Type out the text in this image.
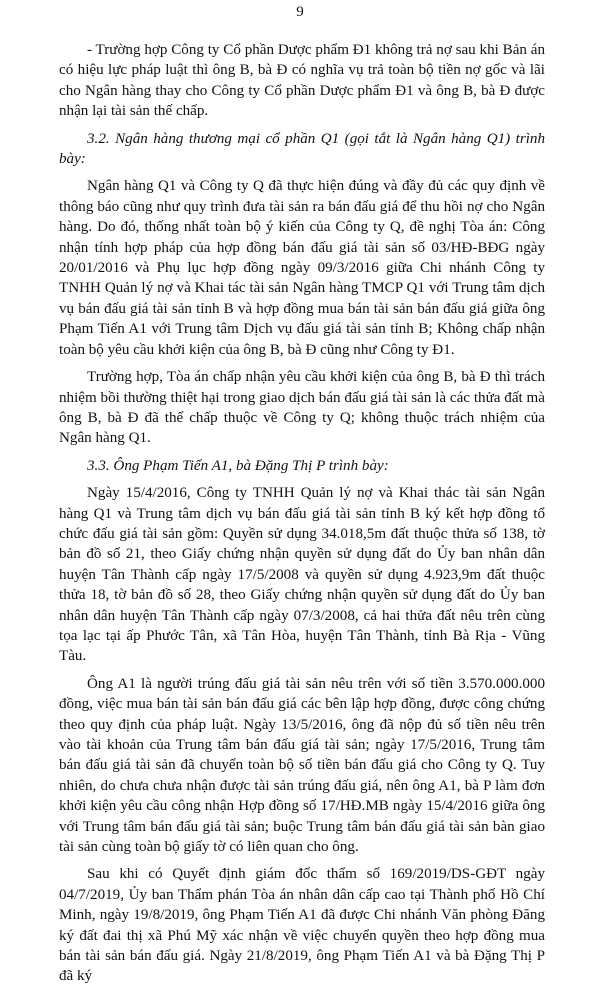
9

- Trường hợp Công ty Cổ phần Dược phẩm Đ1 không trả nợ sau khi Bản án có hiệu lực pháp luật thì ông B, bà Đ có nghĩa vụ trả toàn bộ tiền nợ gốc và lãi cho Ngân hàng thay cho Công ty Cổ phần Dược phẩm Đ1 và ông B, bà Đ được nhận lại tài sản thế chấp.

3.2. Ngân hàng thương mại cổ phần Q1 (gọi tắt là Ngân hàng Q1) trình bày:

Ngân hàng Q1 và Công ty Q đã thực hiện đúng và đầy đủ các quy định về thông báo cũng như quy trình đưa tài sản ra bán đấu giá để thu hồi nợ cho Ngân hàng. Do đó, thống nhất toàn bộ ý kiến của Công ty Q, đề nghị Tòa án: Công nhận tính hợp pháp của hợp đồng bán đấu giá tài sản số 03/HĐ-BĐG ngày 20/01/2016 và Phụ lục hợp đồng ngày 09/3/2016 giữa Chi nhánh Công ty TNHH Quản lý nợ và Khai tác tài sản Ngân hàng TMCP Q1 với Trung tâm dịch vụ bán đấu giá tài sản tỉnh B và hợp đồng mua bán tài sản bán đấu giá giữa ông Phạm Tiến A1 với Trung tâm Dịch vụ đấu giá tài sản tỉnh B; Không chấp nhận toàn bộ yêu cầu khởi kiện của ông B, bà Đ cũng như Công ty Đ1.

Trường hợp, Tòa án chấp nhận yêu cầu khởi kiện của ông B, bà Đ thì trách nhiệm bồi thường thiệt hại trong giao dịch bán đấu giá tài sản là các thửa đất mà ông B, bà Đ đã thế chấp thuộc về Công ty Q; không thuộc trách nhiệm của Ngân hàng Q1.

3.3. Ông Phạm Tiến A1, bà Đặng Thị P trình bày:

Ngày 15/4/2016, Công ty TNHH Quản lý nợ và Khai thác tài sản Ngân hàng Q1 và Trung tâm dịch vụ bán đấu giá tài sản tỉnh B ký kết hợp đồng tổ chức đấu giá tài sản gồm: Quyền sử dụng 34.018,5m đất thuộc thửa số 138, tờ bản đồ số 21, theo Giấy chứng nhận quyền sử dụng đất do Ủy ban nhân dân huyện Tân Thành cấp ngày 17/5/2008 và quyền sử dụng 4.923,9m đất thuộc thửa 18, tờ bản đồ số 28, theo Giấy chứng nhận quyền sử dụng đất do Ủy ban nhân dân huyện Tân Thành cấp ngày 07/3/2008, cả hai thửa đất nêu trên cùng tọa lạc tại ấp Phước Tân, xã Tân Hòa, huyện Tân Thành, tỉnh Bà Rịa - Vũng Tàu.

Ông A1 là người trúng đấu giá tài sản nêu trên với số tiền 3.570.000.000 đồng, việc mua bán tài sản bán đấu giá các bên lập hợp đồng, được công chứng theo quy định của pháp luật. Ngày 13/5/2016, ông đã nộp đủ số tiền nêu trên vào tài khoản của Trung tâm bán đấu giá tài sản; ngày 17/5/2016, Trung tâm bán đấu giá tài sản đã chuyển toàn bộ số tiền bán đấu giá cho Công ty Q. Tuy nhiên, do chưa chưa nhận được tài sản trúng đấu giá, nên ông A1, bà P làm đơn khởi kiện yêu cầu công nhận Hợp đồng số 17/HĐ.MB ngày 15/4/2016 giữa ông với Trung tâm bán đấu giá tài sản; buộc Trung tâm bán đấu giá tài sản bàn giao tài sản cùng toàn bộ giấy tờ có liên quan cho ông.

Sau khi có Quyết định giám đốc thẩm số 169/2019/DS-GĐT ngày 04/7/2019, Ủy ban Thẩm phán Tòa án nhân dân cấp cao tại Thành phố Hồ Chí Minh, ngày 19/8/2019, ông Phạm Tiến A1 đã được Chi nhánh Văn phòng Đăng ký đất đai thị xã Phú Mỹ xác nhận về việc chuyển quyền theo hợp đồng mua bán tài sản bán đấu giá. Ngày 21/8/2019, ông Phạm Tiến A1 và bà Đặng Thị P đã ký
